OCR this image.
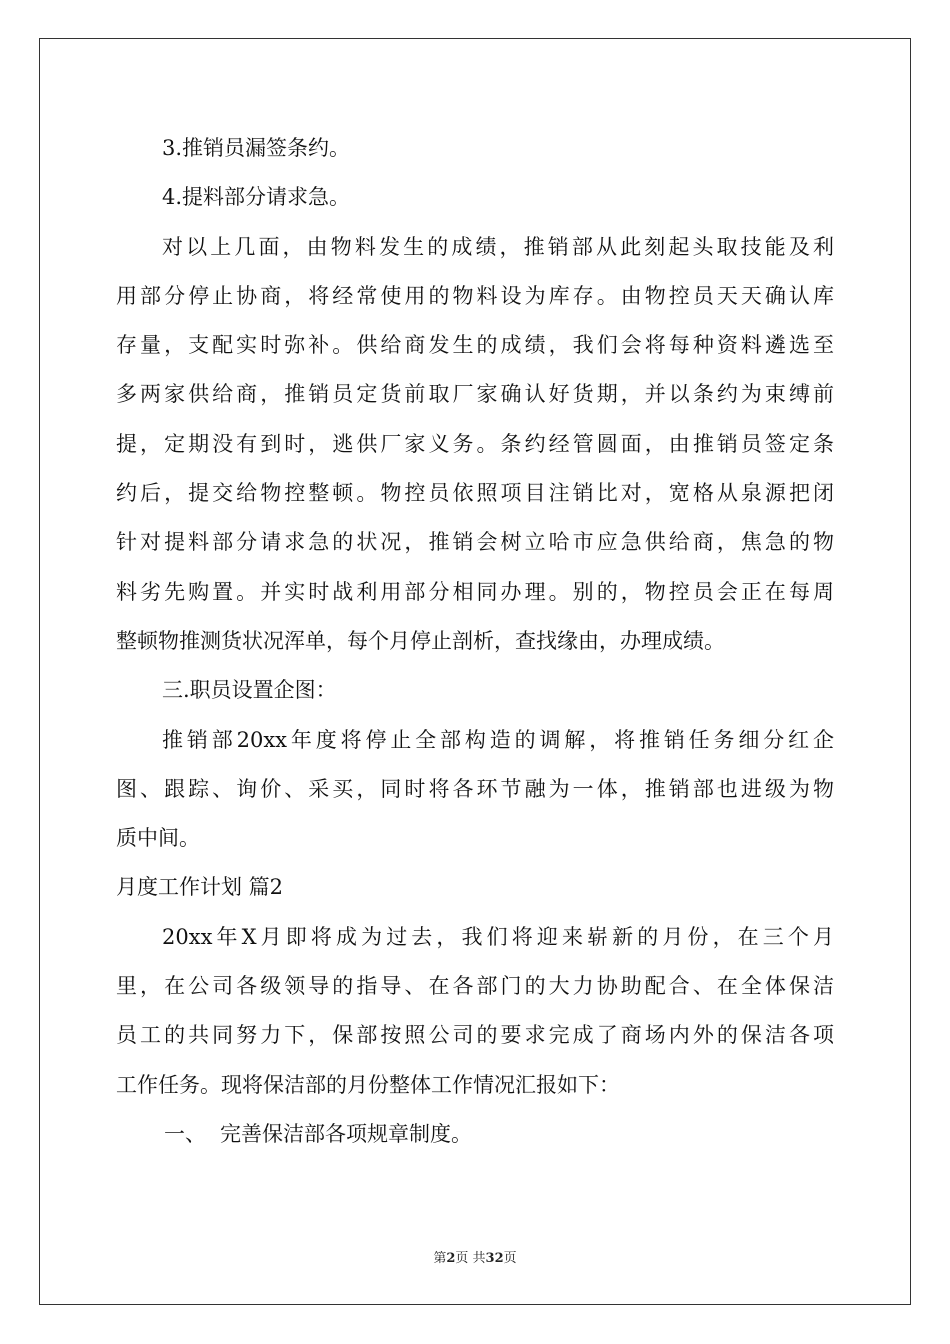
3.推销员漏签条约。
4.提料部分请求急。
对以上几面，由物料发生的成绩，推销部从此刻起头取技能及利
用部分停止协商，将经常使用的物料设为库存。由物控员天天确认库
存量，支配实时弥补。供给商发生的成绩，我们会将每种资料遴选至
多两家供给商，推销员定货前取厂家确认好货期，并以条约为束缚前
提，定期没有到时，逃供厂家义务。条约经管圆面，由推销员签定条
约后，提交给物控整顿。物控员依照项目注销比对，宽格从泉源把闭
针对提料部分请求急的状况，推销会树立哈市应急供给商，焦急的物
料劣先购置。并实时战利用部分相同办理。别的，物控员会正在每周
整顿物推测货状况浑单，每个月停止剖析，查找缘由，办理成绩。
三.职员设置企图：
推销部20xx年度将停止全部构造的调解，将推销任务细分红企
图、跟踪、询价、采买，同时将各环节融为一体，推销部也进级为物
质中间。
月度工作计划 篇2
20xx年X月即将成为过去，我们将迎来崭新的月份，在三个月
里，在公司各级领导的指导、在各部门的大力协助配合、在全体保洁
员工的共同努力下，保部按照公司的要求完成了商场内外的保洁各项
工作任务。现将保洁部的月份整体工作情况汇报如下：
一、 完善保洁部各项规章制度。
第2页 共32页
